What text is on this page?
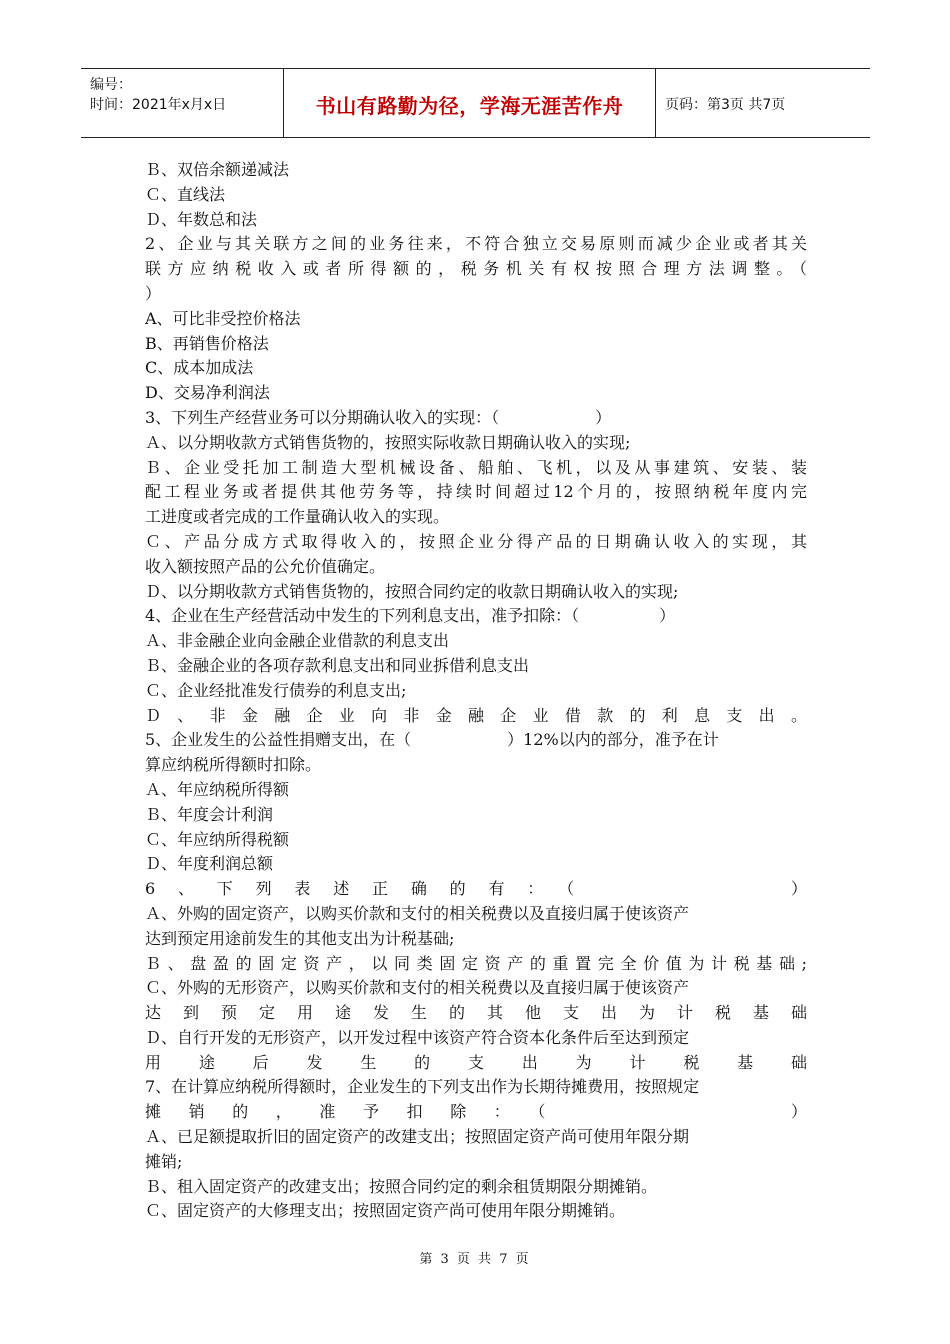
编号：
时间：2021年x月x日	书山有路勤为径，学海无涯苦作舟	页码：第3页 共7页
Ｂ、双倍余额递减法
Ｃ、直线法
Ｄ、年数总和法
2、企业与其关联方之间的业务往来，不符合独立交易原则而减少企业或者其关
联方应纳税收入或者所得额的，税务机关有权按照合理方法调整。（
）
A、可比非受控价格法
B、再销售价格法
C、成本加成法
D、交易净利润法
3、下列生产经营业务可以分期确认收入的实现：（　　　　　　）
Ａ、以分期收款方式销售货物的，按照实际收款日期确认收入的实现;
Ｂ、企业受托加工制造大型机械设备、船舶、飞机，以及从事建筑、安装、装
配工程业务或者提供其他劳务等，持续时间超过12个月的，按照纳税年度内完
工进度或者完成的工作量确认收入的实现。
Ｃ、产品分成方式取得收入的，按照企业分得产品的日期确认收入的实现，其
收入额按照产品的公允价值确定。
Ｄ、以分期收款方式销售货物的，按照合同约定的收款日期确认收入的实现;
4、企业在生产经营活动中发生的下列利息支出，准予扣除：（　　　　　）
Ａ、非金融企业向金融企业借款的利息支出
Ｂ、金融企业的各项存款利息支出和同业拆借利息支出
Ｃ、企业经批准发行债券的利息支出;
Ｄ、非金融企业向非金融企业借款的利息支出。
5、企业发生的公益性捐赠支出，在（　　　　　　）12%以内的部分，准予在计
算应纳税所得额时扣除。
Ａ、年应纳税所得额
Ｂ、年度会计利润
Ｃ、年应纳所得税额
Ｄ、年度利润总额
6、下列表述正确的有：（　　　　　）
Ａ、外购的固定资产，以购买价款和支付的相关税费以及直接归属于使该资产
达到预定用途前发生的其他支出为计税基础;
Ｂ、盘盈的固定资产，以同类固定资产的重置完全价值为计税基础;
Ｃ、外购的无形资产，以购买价款和支付的相关税费以及直接归属于使该资产
达到预定用途发生的其他支出为计税基础
Ｄ、自行开发的无形资产，以开发过程中该资产符合资本化条件后至达到预定
用途后发生的支出为计税基础
7、在计算应纳税所得额时，企业发生的下列支出作为长期待摊费用，按照规定
摊销的，准予扣除：（　　　　　）
Ａ、已足额提取折旧的固定资产的改建支出；按照固定资产尚可使用年限分期
摊销;
Ｂ、租入固定资产的改建支出；按照合同约定的剩余租赁期限分期摊销。
Ｃ、固定资产的大修理支出；按照固定资产尚可使用年限分期摊销。
第 3 页 共 7 页
